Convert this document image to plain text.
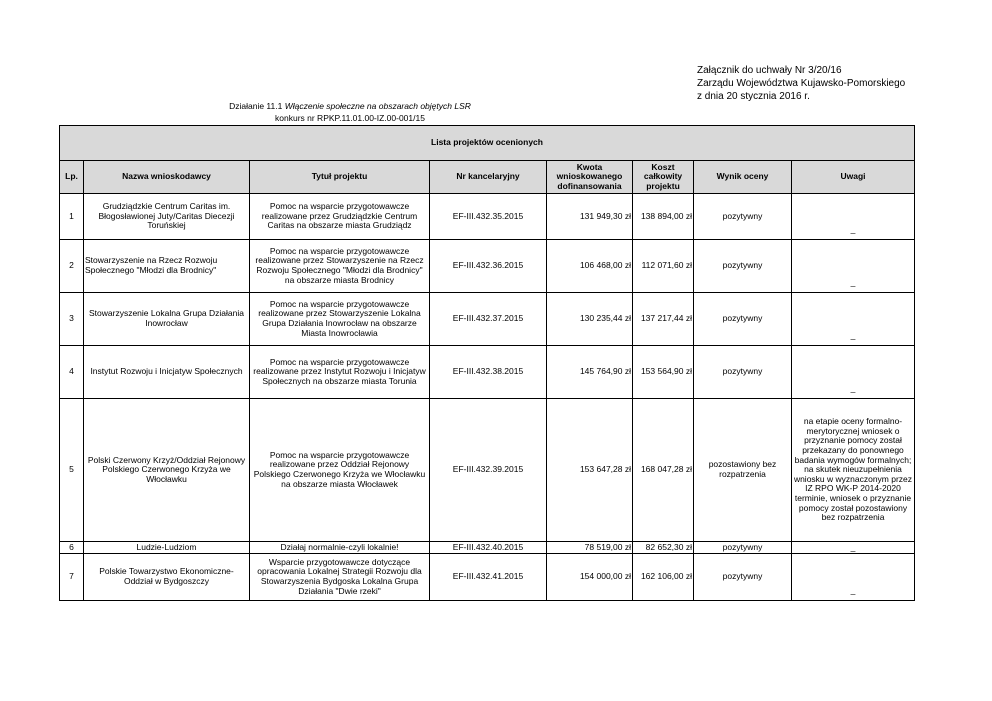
Załącznik do uchwały Nr 3/20/16
Zarządu Województwa Kujawsko-Pomorskiego
z dnia 20 stycznia 2016 r.
Działanie 11.1 Włączenie społeczne na obszarach objętych LSR
konkurs nr RPKP.11.01.00-IZ.00-001/15
Lista projektów ocenionych							
Lp.	Nazwa wnioskodawcy	Tytuł projektu	Nr kancelaryjny	Kwota wnioskowanego dofinansowania	Koszt całkowity projektu	Wynik oceny	Uwagi
1	Grudziądzkie Centrum Caritas im. Błogosławionej Juty/Caritas Diecezji Toruńskiej	Pomoc na wsparcie przygotowawcze realizowane przez Grudziądzkie Centrum Caritas na obszarze miasta Grudziądz	EF-III.432.35.2015	131 949,30 zł	138 894,00 zł	pozytywny	_
2	Stowarzyszenie na Rzecz Rozwoju Społecznego "Młodzi dla Brodnicy"	Pomoc na wsparcie przygotowawcze realizowane przez Stowarzyszenie na Rzecz Rozwoju Społecznego "Młodzi dla Brodnicy" na obszarze miasta Brodnicy	EF-III.432.36.2015	106 468,00 zł	112 071,60 zł	pozytywny	_
3	Stowarzyszenie Lokalna Grupa Działania Inowrocław	Pomoc na wsparcie przygotowawcze realizowane przez Stowarzyszenie Lokalna Grupa Działania Inowrocław na obszarze Miasta Inowrocławia	EF-III.432.37.2015	130 235,44 zł	137 217,44 zł	pozytywny	_
4	Instytut Rozwoju i Inicjatyw Społecznych	Pomoc na wsparcie przygotowawcze realizowane przez Instytut Rozwoju i Inicjatyw Społecznych na obszarze miasta Toruniа	EF-III.432.38.2015	145 764,90 zł	153 564,90 zł	pozytywny	_
5	Polski Czerwony Krzyż/Oddział Rejonowy Polskiego Czerwonego Krzyża we Włocławku	Pomoc na wsparcie przygotowawcze realizowane przez Oddział Rejonowy Polskiego Czerwonego Krzyża we Włocławku na obszarze miasta Włocławek	EF-III.432.39.2015	153 647,28 zł	168 047,28 zł	pozostawiony bez rozpatrzenia	na etapie oceny formalno-merytorycznej wniosek o przyznanie pomocy został przekazany do ponownego badania wymogów formalnych; na skutek nieuzupełnienia wniosku w wyznaczonym przez IZ RPO WK-P 2014-2020 terminie, wniosek o przyznanie pomocy został pozostawiony bez rozpatrzenia
6	Ludzie-Ludziom	Działaj normalnie-czyli lokalnie!	EF-III.432.40.2015	78 519,00 zł	82 652,30 zł	pozytywny	_
7	Polskie Towarzystwo Ekonomiczne-Oddział w Bydgoszczy	Wsparcie przygotowawcze dotyczące opracowania Lokalnej Strategii Rozwoju dla Stowarzyszenia Bydgoska Lokalna Grupa Działania "Dwie rzeki"	EF-III.432.41.2015	154 000,00 zł	162 106,00 zł	pozytywny	_
